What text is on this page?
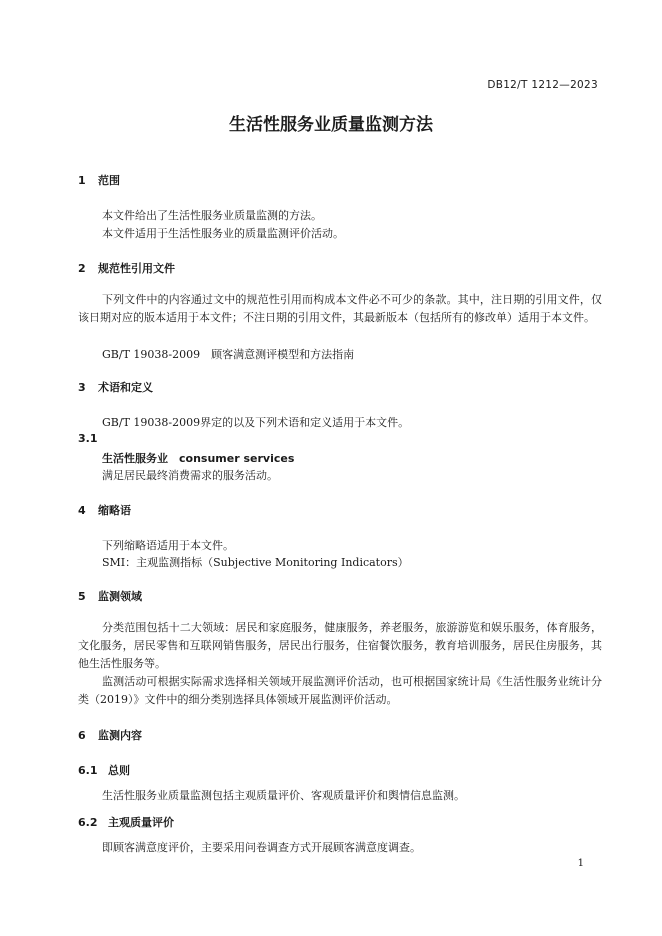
DB12/T 1212—2023
生活性服务业质量监测方法
1 范围
本文件给出了生活性服务业质量监测的方法。
本文件适用于生活性服务业的质量监测评价活动。
2 规范性引用文件
下列文件中的内容通过文中的规范性引用而构成本文件必不可少的条款。其中，注日期的引用文件，仅该日期对应的版本适用于本文件；不注日期的引用文件，其最新版本（包括所有的修改单）适用于本文件。
GB/T 19038-2009　顾客满意测评模型和方法指南
3 术语和定义
GB/T 19038-2009界定的以及下列术语和定义适用于本文件。
3.1
生活性服务业　consumer services
满足居民最终消费需求的服务活动。
4 缩略语
下列缩略语适用于本文件。
SMI：主观监测指标（Subjective Monitoring Indicators）
5 监测领域
分类范围包括十二大领域：居民和家庭服务，健康服务，养老服务，旅游游览和娱乐服务，体育服务，文化服务，居民零售和互联网销售服务，居民出行服务，住宿餐饮服务，教育培训服务，居民住房服务，其他生活性服务等。
监测活动可根据实际需求选择相关领域开展监测评价活动，也可根据国家统计局《生活性服务业统计分类（2019）》文件中的细分类别选择具体领域开展监测评价活动。
6 监测内容
6.1 总则
生活性服务业质量监测包括主观质量评价、客观质量评价和舆情信息监测。
6.2 主观质量评价
即顾客满意度评价，主要采用问卷调查方式开展顾客满意度调查。
1
